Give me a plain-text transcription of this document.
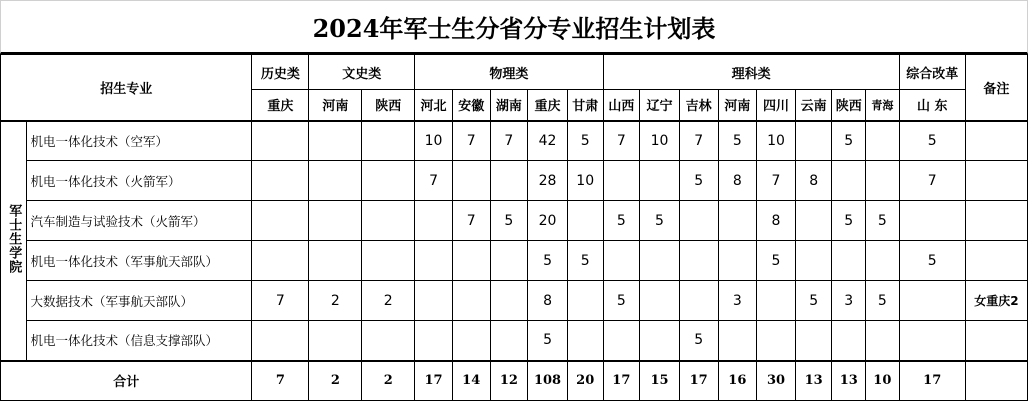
2024年军士生分省分专业招生计划表
招生专业		历史类	文史类		物理类					理科类								综合改革	备注
		重庆	河南	陕西	河北	安徽	湖南	重庆	甘肃	山西	辽宁	吉林	河南	四川	云南	陕西	青海	山 东	
军士生学院	机电一体化技术（空军）				10	7	7	42	5	7	10	7	5	10		5		5	
	机电一体化技术（火箭军）				7			28	10			5	8	7	8			7	
	汽车制造与试验技术（火箭军）					7	5	20		5	5			8		5	5		
	机电一体化技术（军事航天部队）							5	5					5				5	
	大数据技术（军事航天部队）	7	2	2				8		5			3		5	3	5		女重庆2
	机电一体化技术（信息支撑部队）							5				5							
合计		7	2	2	17	14	12	108	20	17	15	17	16	30	13	13	10	17	
